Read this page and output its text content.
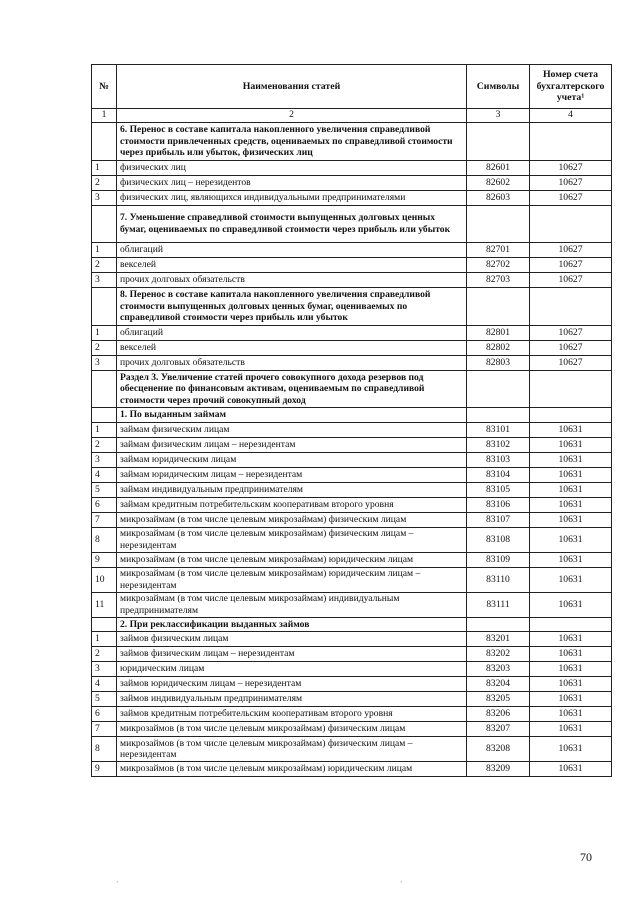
№	Наименования статей	Символы	Номер счета бухгалтерского учета¹
1	2	3	4
	6. Перенос в составе капитала накопленного увеличения справедливой стоимости привлеченных средств, оцениваемых по справедливой стоимости через прибыль или убыток, физических лиц		
1	физических лиц	82601	10627
2	физических лиц – нерезидентов	82602	10627
3	физических лиц, являющихся индивидуальными предпринимателями	82603	10627
	7. Уменьшение справедливой стоимости выпущенных долговых ценных бумаг, оцениваемых по справедливой стоимости через прибыль или убыток		
1	облигаций	82701	10627
2	векселей	82702	10627
3	прочих долговых обязательств	82703	10627
	8. Перенос в составе капитала накопленного увеличения справедливой стоимости выпущенных долговых ценных бумаг, оцениваемых по справедливой стоимости через прибыль или убыток		
1	облигаций	82801	10627
2	векселей	82802	10627
3	прочих долговых обязательств	82803	10627
	Раздел 3. Увеличение статей прочего совокупного дохода резервов под обесценение по финансовым активам, оцениваемым по справедливой стоимости через прочий совокупный доход		
	1. По выданным займам		
1	займам физическим лицам	83101	10631
2	займам физическим лицам – нерезидентам	83102	10631
3	займам юридическим лицам	83103	10631
4	займам юридическим лицам – нерезидентам	83104	10631
5	займам индивидуальным предпринимателям	83105	10631
6	займам кредитным потребительским кооперативам второго уровня	83106	10631
7	микрозаймам (в том числе целевым микрозаймам) физическим лицам	83107	10631
8	микрозаймам (в том числе целевым микрозаймам) физическим лицам – нерезидентам	83108	10631
9	микрозаймам (в том числе целевым микрозаймам) юридическим лицам	83109	10631
10	микрозаймам (в том числе целевым микрозаймам) юридическим лицам – нерезидентам	83110	10631
11	микрозаймам (в том числе целевым микрозаймам) индивидуальным предпринимателям	83111	10631
	2. При реклассификации выданных займов		
1	займов физическим лицам	83201	10631
2	займов физическим лицам – нерезидентам	83202	10631
3	юридическим лицам	83203	10631
4	займов юридическим лицам – нерезидентам	83204	10631
5	займов индивидуальным предпринимателям	83205	10631
6	займов кредитным потребительским кооперативам второго уровня	83206	10631
7	микрозаймов (в том числе целевым микрозаймам) физическим лицам	83207	10631
8	микрозаймов (в том числе целевым микрозаймам) физическим лицам – нерезидентам	83208	10631
9	микрозаймов (в том числе целевым микрозаймам) юридическим лицам	83209	10631
70
`	`
